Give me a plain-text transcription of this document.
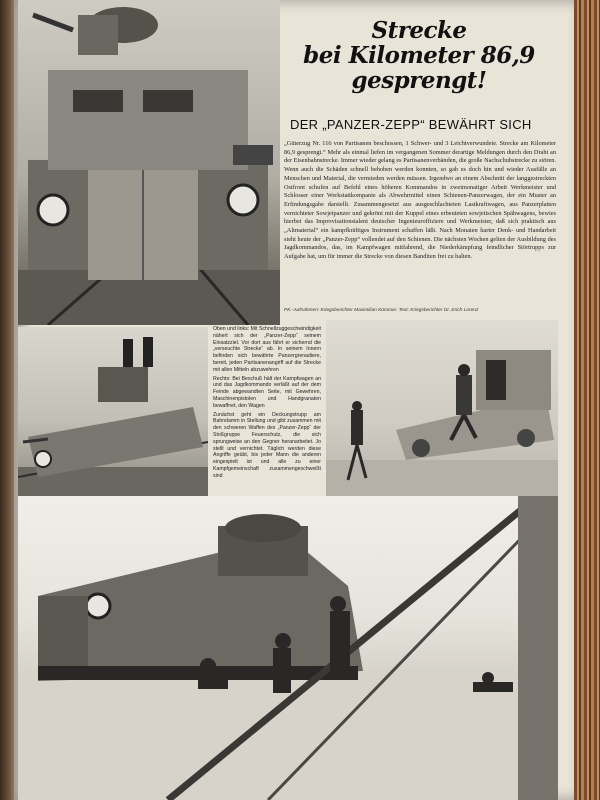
Strecke
bei Kilometer 86,9
gesprengt!
DER „PANZER-ZEPP“ BEWÄHRT SICH
„Güterzug Nr. 116 von Partisanen beschossen, 1 Schwer- und 3 Leichtverwundete. Strecke am Kilometer 86,9 gesprengt.“ Mehr als einmal liefen im vergangenen Sommer derartige Meldungen durch den Draht an der Eisenbahnstrecke. Immer wieder gelang es Partisanenverbänden, die große Nachschubstrecke zu stören. Wenn auch die Schäden schnell behoben werden konnten, so gab es doch hin und wieder Ausfälle an Menschen und Material, die vermieden werden müssen. Irgendwo an einem Abschnitt der langgestreckten Ostfront schufen auf Befehl eines höheren Kommandos in zweimonatiger Arbeit Werkmeister und Schlosser einer Werkstattkompanie als Abwehrmittel einen Schienen-Panzerwagen, der ein Muster an Erfindungsgabe darstellt. Zusammengesetzt aus ausgeschlachteten Lastkraftwagen, aus Panzerplatten vernichteter Sowjetpanzer und gekrönt mit der Kuppel eines erbeuteten sowjetischen Spähwagens, bewies hierbei das Improvisationstalent deutscher Ingenieuroffiziere und Werkmeister, daß sich praktisch aus „Altmaterial“ ein kampfkräftiges Instrument schaffen läßt. Nach Monaten harter Denk- und Handarbeit steht heute der „Panzer-Zepp“ vollendet auf den Schienen. Die nächsten Wochen gelten der Ausbildung des Jagdkommandos, das, im Kampfwagen mitfahrend, die Niederkämpfung feindlicher Störtrupps zur Aufgabe hat, um für immer die Strecke von diesen Banditen frei zu halten.
PK.-Aufnahmen: Kriegsberichter Maximilian Kümmer. Text: Kriegsberichter Dr. Erich Lorenz

Oben und links: Mit Schnellzuggeschwindigkeit nähert sich der „Panzer-Zepp“ seinem Einsatzziel. Vor dort aus fährt er sichernd die „verseuchte Strecke“ ab. In seinem Innern befinden sich bewährte Panzergrenadiere, bereit, jeden Partisanenangriff auf die Strecke mit allen Mitteln abzuwehren

Rechts: Bei Beschuß hält der Kampfwagen an und das Jagdkommando verläßt auf der dem Feinde abgewandten Seite, mit Gewehren, Maschinenpistolen und Handgranaten bewaffnet, den Wagen

Zunächst geht ein Deckungstrupp am Bahndamm in Stellung und gibt zusammen mit den schweren Waffen des „Panzer-Zepp“ der Stoßgruppe Feuerschutz, die sich sprungweise an den Gegner heranarbeitet. Jo stellt und vernichtet. Täglich werden diese Angriffe geübt, bis jeder Mann die anderen eingespielt ist und alle zu einer Kampfgemeinschaft zusammengeschweißt sind
